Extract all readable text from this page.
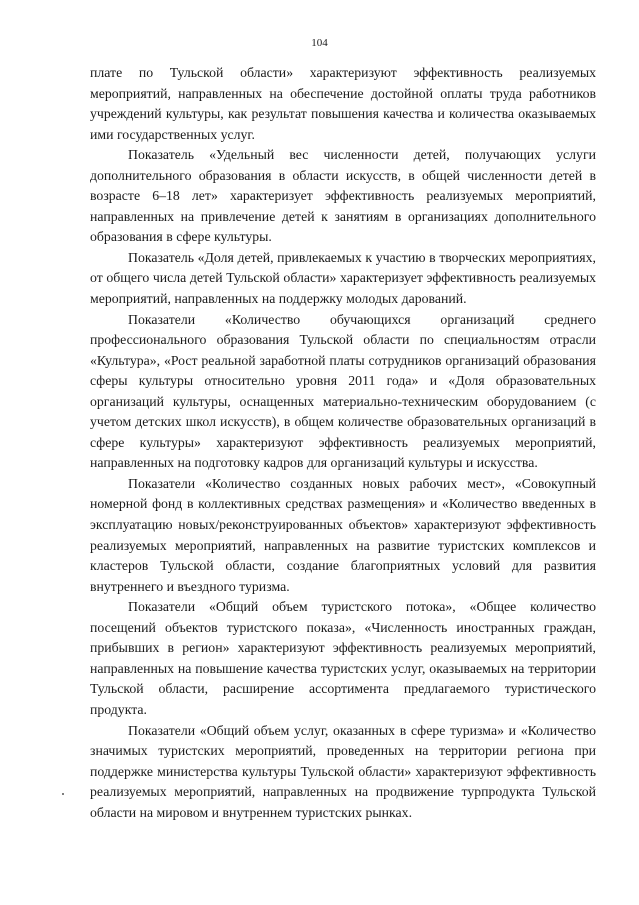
104

плате по Тульской области» характеризуют эффективность реализуемых мероприятий, направленных на обеспечение достойной оплаты труда работников учреждений культуры, как результат повышения качества и количества оказываемых ими государственных услуг.

Показатель «Удельный вес численности детей, получающих услуги дополнительного образования в области искусств, в общей численности детей в возрасте 6–18 лет» характеризует эффективность реализуемых мероприятий, направленных на привлечение детей к занятиям в организациях дополнительного образования в сфере культуры.

Показатель «Доля детей, привлекаемых к участию в творческих мероприятиях, от общего числа детей Тульской области» характеризует эффективность реализуемых мероприятий, направленных на поддержку молодых дарований.

Показатели «Количество обучающихся организаций среднего профессионального образования Тульской области по специальностям отрасли «Культура», «Рост реальной заработной платы сотрудников организаций образования сферы культуры относительно уровня 2011 года» и «Доля образовательных организаций культуры, оснащенных материально-техническим оборудованием (с учетом детских школ искусств), в общем количестве образовательных организаций в сфере культуры» характеризуют эффективность реализуемых мероприятий, направленных на подготовку кадров для организаций культуры и искусства.

Показатели «Количество созданных новых рабочих мест», «Совокупный номерной фонд в коллективных средствах размещения» и «Количество введенных в эксплуатацию новых/реконструированных объектов» характеризуют эффективность реализуемых мероприятий, направленных на развитие туристских комплексов и кластеров Тульской области, создание благоприятных условий для развития внутреннего и въездного туризма.

Показатели «Общий объем туристского потока», «Общее количество посещений объектов туристского показа», «Численность иностранных граждан, прибывших в регион» характеризуют эффективность реализуемых мероприятий, направленных на повышение качества туристских услуг, оказываемых на территории Тульской области, расширение ассортимента предлагаемого туристического продукта.

Показатели «Общий объем услуг, оказанных в сфере туризма» и «Количество значимых туристских мероприятий, проведенных на территории региона при поддержке министерства культуры Тульской области» характеризуют эффективность реализуемых мероприятий, направленных на продвижение турпродукта Тульской области на мировом и внутреннем туристских рынках.
